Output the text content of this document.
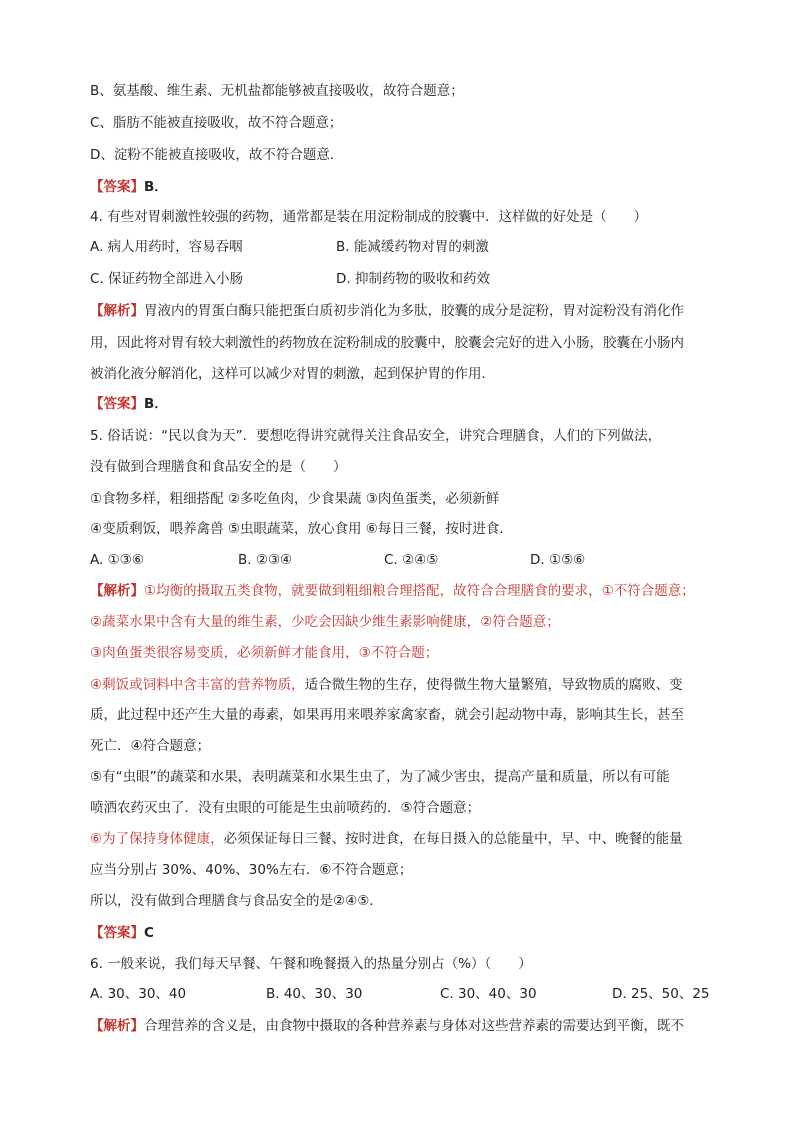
B、氨基酸、维生素、无机盐都能够被直接吸收，故符合题意；
C、脂肪不能被直接吸收，故不符合题意；
D、淀粉不能被直接吸收，故不符合题意．
【答案】B．
4. 有些对胃刺激性较强的药物，通常都是装在用淀粉制成的胶囊中．这样做的好处是（　　）
A. 病人用药时，容易吞咽	B. 能减缓药物对胃的刺激
C. 保证药物全部进入小肠	D. 抑制药物的吸收和药效
【解析】胃液内的胃蛋白酶只能把蛋白质初步消化为多肽，胶囊的成分是淀粉，胃对淀粉没有消化作
用，因此将对胃有较大刺激性的药物放在淀粉制成的胶囊中，胶囊会完好的进入小肠，胶囊在小肠内
被消化液分解消化，这样可以减少对胃的刺激，起到保护胃的作用．
【答案】B．
5. 俗话说：“民以食为天”．要想吃得讲究就得关注食品安全，讲究合理膳食，人们的下列做法，
没有做到合理膳食和食品安全的是（　　）
①食物多样，粗细搭配 ②多吃鱼肉，少食果蔬 ③肉鱼蛋类，必须新鲜
④变质剩饭，喂养禽兽 ⑤虫眼蔬菜，放心食用 ⑥每日三餐，按时进食．
A. ①③⑥	B. ②③④	C. ②④⑤	D. ①⑤⑥
【解析】①均衡的摄取五类食物，就要做到粗细粮合理搭配，故符合合理膳食的要求，①不符合题意；
②蔬菜水果中含有大量的维生素，少吃会因缺少维生素影响健康，②符合题意；
③肉鱼蛋类很容易变质，必须新鲜才能食用，③不符合题；
④剩饭或饲料中含丰富的营养物质，适合微生物的生存，使得微生物大量繁殖，导致物质的腐败、变
质，此过程中还产生大量的毒素，如果再用来喂养家禽家畜，就会引起动物中毒，影响其生长，甚至
死亡．④符合题意；
⑤有“虫眼”的蔬菜和水果，表明蔬菜和水果生虫了，为了减少害虫，提高产量和质量，所以有可能
喷洒农药灭虫了．没有虫眼的可能是生虫前喷药的．⑤符合题意；
⑥为了保持身体健康，必须保证每日三餐、按时进食，在每日摄入的总能量中，早、中、晚餐的能量
应当分别占 30%、40%、30%左右．⑥不符合题意；
所以，没有做到合理膳食与食品安全的是②④⑤．
【答案】C
6. 一般来说，我们每天早餐、午餐和晚餐摄入的热量分别占（%）（　　）
A. 30、30、40	B. 40、30、30	C. 30、40、30	D. 25、50、25
【解析】合理营养的含义是，由食物中摄取的各种营养素与身体对这些营养素的需要达到平衡，既不
